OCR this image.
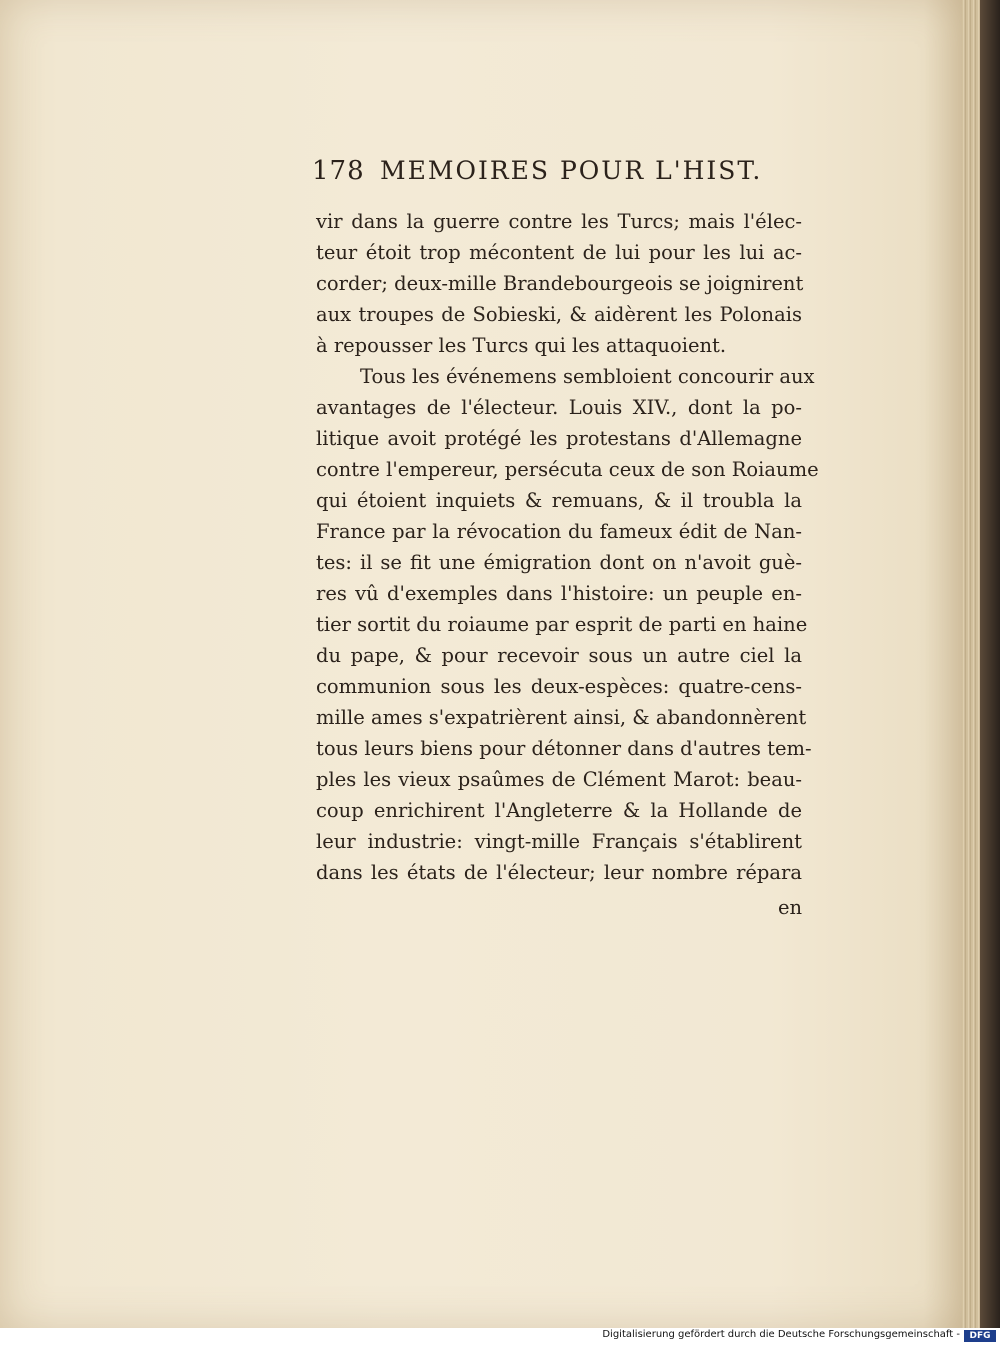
178 MEMOIRES POUR L'HIST.
vir dans la guerre contre les Turcs; mais l'élec-
teur étoit trop mécontent de lui pour les lui ac-
corder; deux-mille Brandebourgeois se joignirent
aux troupes de Sobieski, & aidèrent les Polonais
à repousser les Turcs qui les attaquoient.
Tous les événemens sembloient concourir aux
avantages de l'électeur. Louis XIV., dont la po-
litique avoit protégé les protestans d'Allemagne
contre l'empereur, persécuta ceux de son Roiaume
qui étoient inquiets & remuans, & il troubla la
France par la révocation du fameux édit de Nan-
tes: il se fit une émigration dont on n'avoit guè-
res vû d'exemples dans l'histoire: un peuple en-
tier sortit du roiaume par esprit de parti en haine
du pape, & pour recevoir sous un autre ciel la
communion sous les deux-espèces: quatre-cens-
mille ames s'expatrièrent ainsi, & abandonnèrent
tous leurs biens pour détonner dans d'autres tem-
ples les vieux psaûmes de Clément Marot: beau-
coup enrichirent l'Angleterre & la Hollande de
leur industrie: vingt-mille Français s'établirent
dans les états de l'électeur; leur nombre répara
en
Digitalisierung gefördert durch die Deutsche Forschungsgemeinschaft -	DFG
